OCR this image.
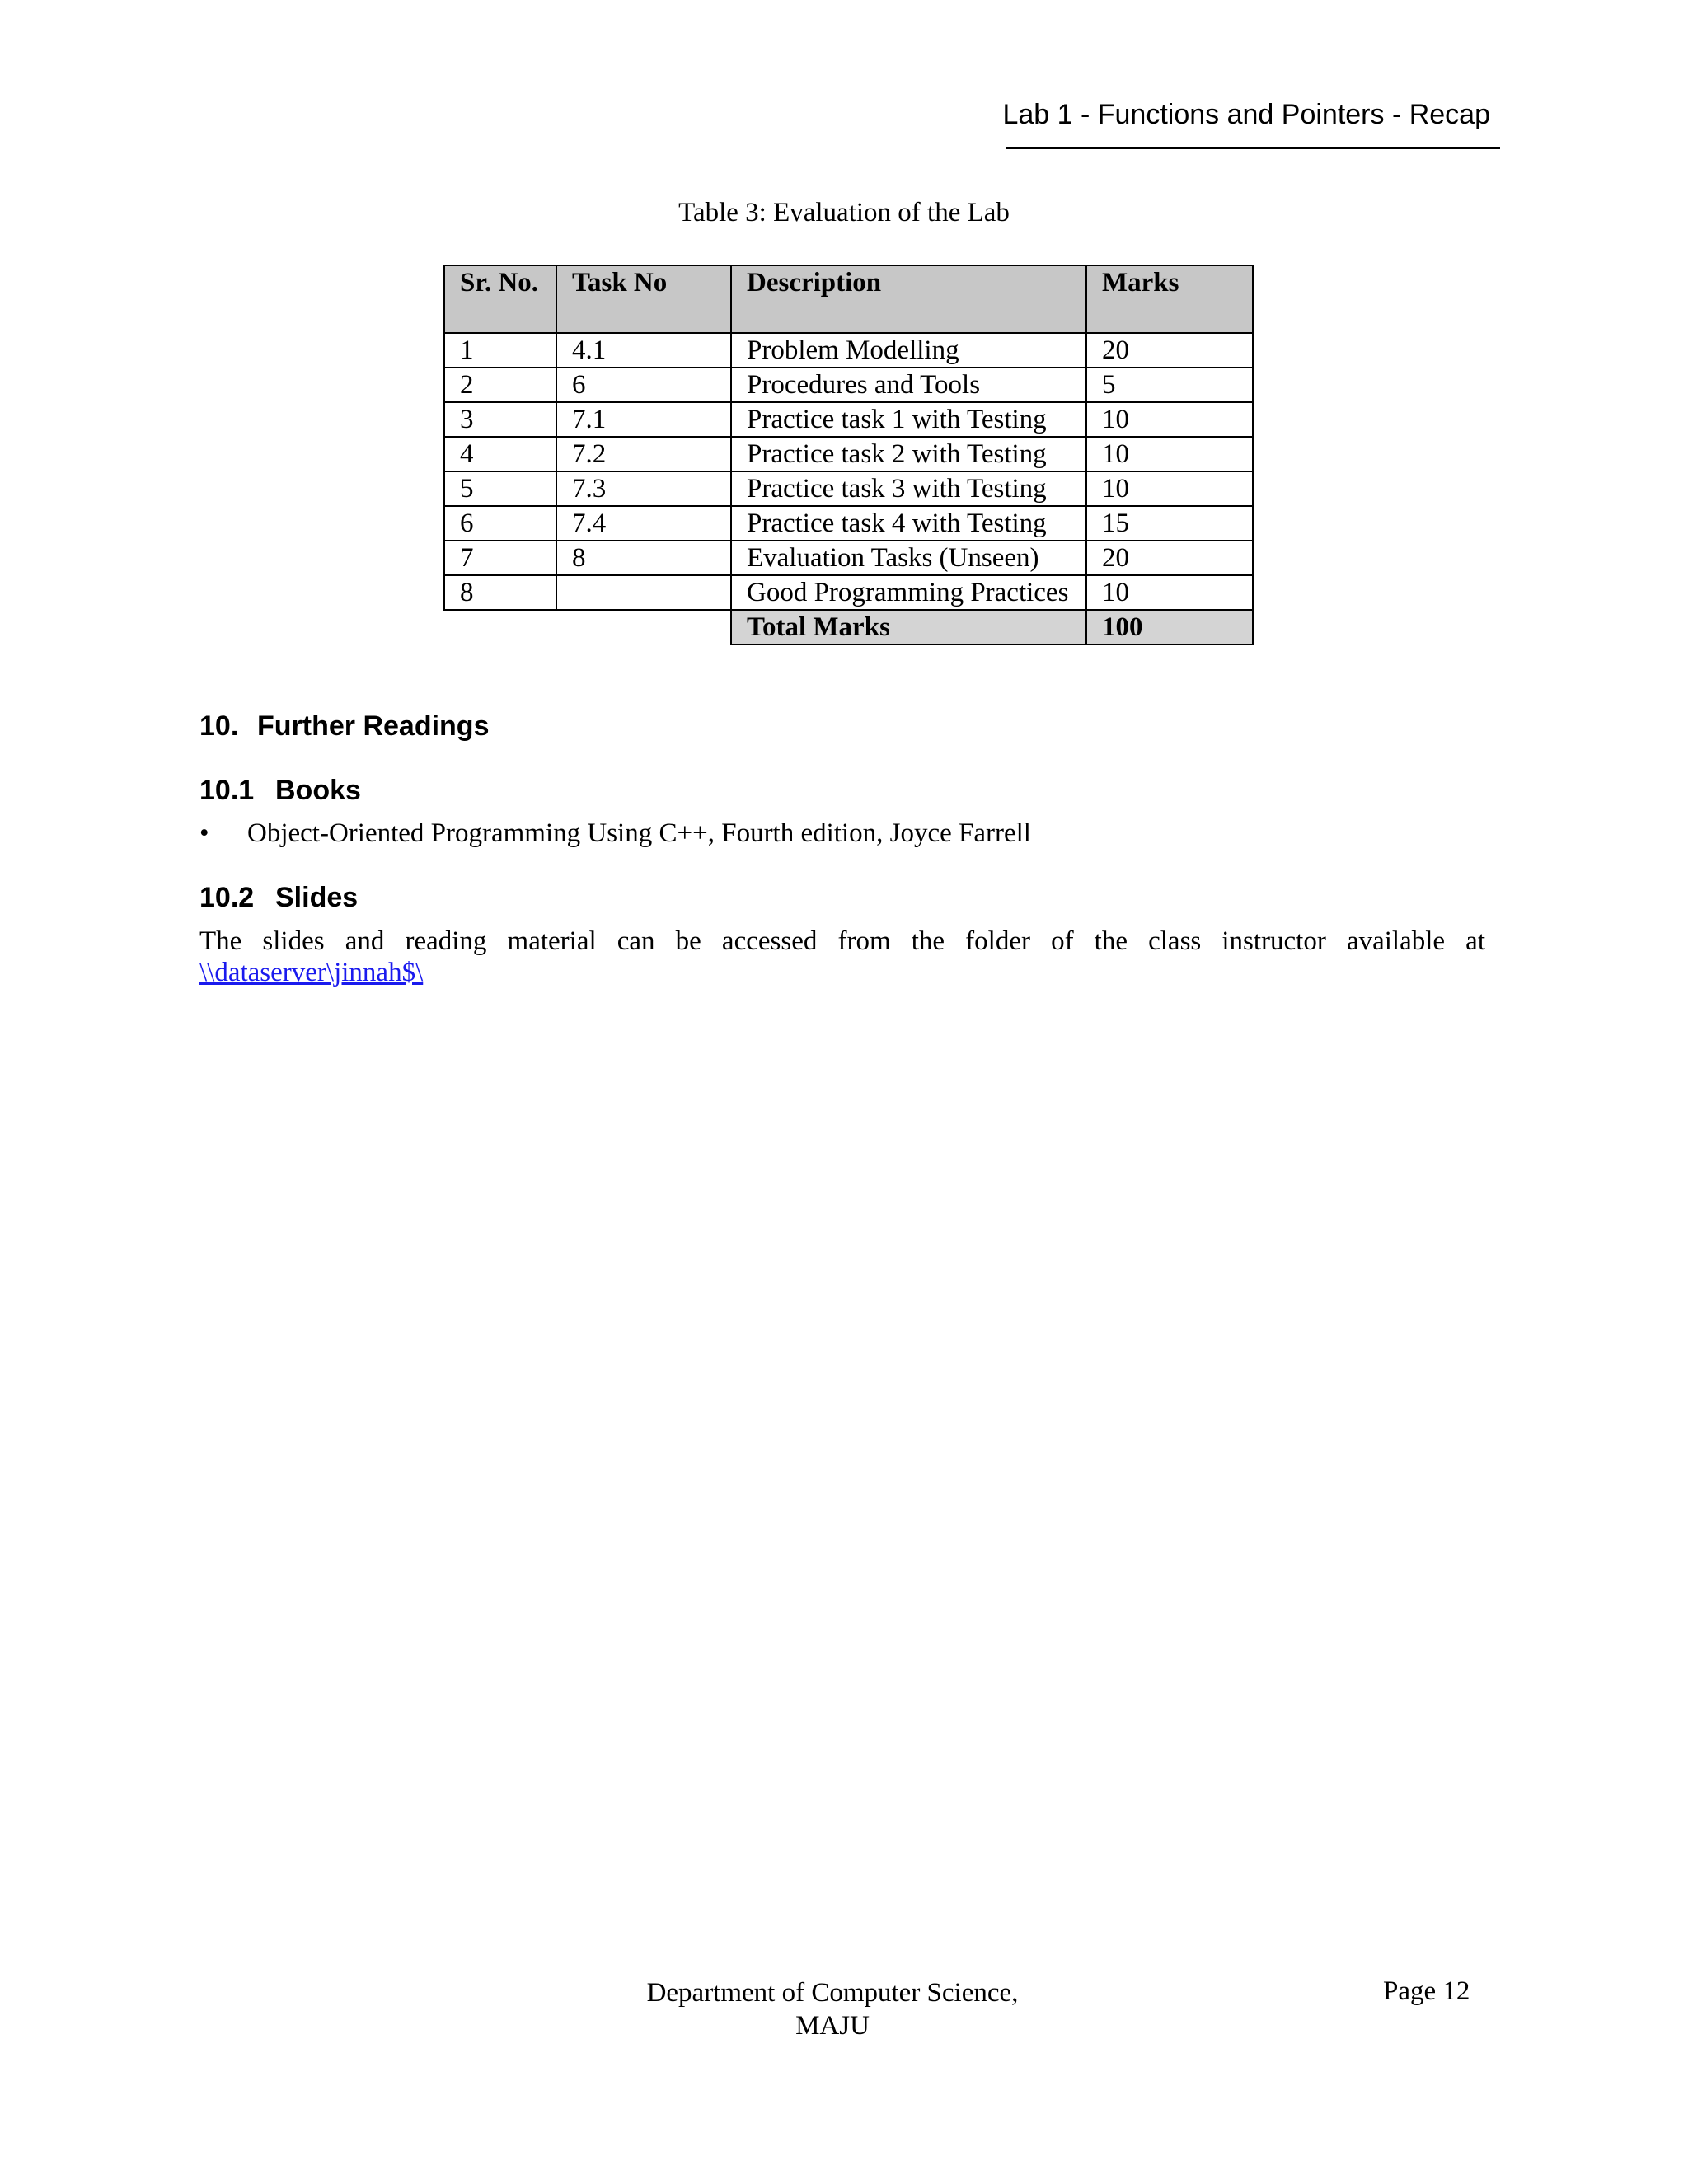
Lab 1 - Functions and Pointers - Recap
Table 3: Evaluation of the Lab
Sr. No.	Task No	Description	Marks
1	4.1	Problem Modelling	20
2	6	Procedures and Tools	5
3	7.1	Practice task 1 with Testing	10
4	7.2	Practice task 2 with Testing	10
5	7.3	Practice task 3 with Testing	10
6	7.4	Practice task 4 with Testing	15
7	8	Evaluation Tasks (Unseen)	20
8		Good Programming Practices	10
		Total Marks	100
10. Further Readings
10.1 Books
• Object-Oriented Programming Using C++, Fourth edition, Joyce Farrell
10.2 Slides
The slides and reading material can be accessed from the folder of the class instructor available at
\\dataserver\jinnah$\
Department of Computer Science,
MAJU
Page 12
